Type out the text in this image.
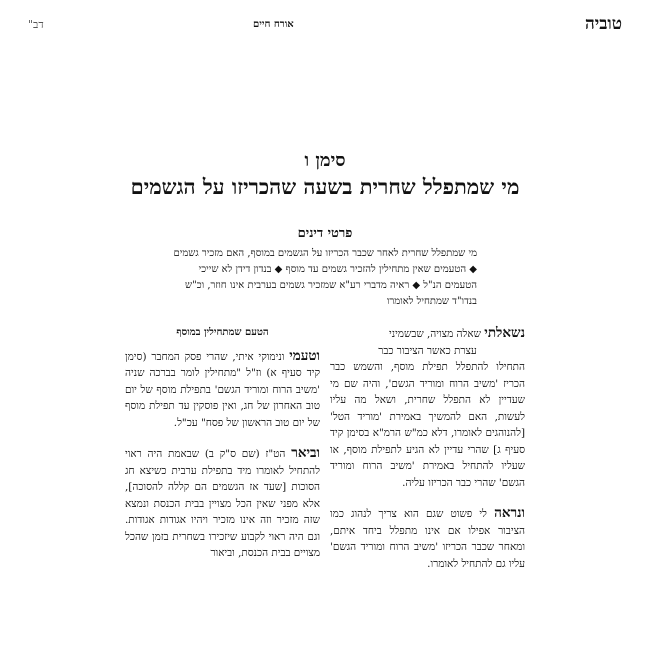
טוביה
אורח חיים
דב"
סימן ו
מי שמתפלל שחרית בשעה שהכריזו על הגשמים
פרטי דינים
מי שמתפלל שחרית לאחר שכבר הכריזו על הגשמים במוסף, האם מזכיר גשמים ◆ הטעמים שאין מתחילין להזכיר גשמים עד מוסף ◆ בנדון דידן לא שייכי הטעמים הנ"ל ◆ ראיה מדברי רע"א שמזכיר גשמים בערבית אינו חוזר, וכ"ש בנדו"ד שמתחיל לאומרו
נשאלתי שאלה מצויה, שבשמיני
עצרת כאשר הציבור כבר
התחילו להתפלל תפילת מוסף, והשמש כבר הכריז 'משיב הרוח ומוריד הגשם', והיה שם מי שעדיין לא התפלל שחרית, ושאל מה עליו לעשות, האם להמשיך באמירת 'מוריד הטל' [להנוהגים לאומרו, דלא כמ"ש הרמ"א בסימן קיד סעיף ג] שהרי עדיין לא הגיע לתפילת מוסף, או שעליו להתחיל באמירת 'משיב הרוח ומוריד הגשם' שהרי כבר הכריזו עליה.
ונראה לי פשוט שגם הוא צריך לנהוג כמו הציבור אפילו אם אינו מתפלל ביחד איתם, ומאחר שכבר הכריזו 'משיב הרוח ומוריד הגשם' עליו גם להתחיל לאומרו.
הטעם שמתחילין במוסף
וטעמי ונימוקי איתי, שהרי פסק המחבר (סימן קיד סעיף א) וז"ל "מתחילין לומר בברכה שניה 'משיב הרוח ומוריד הגשם' בתפילת מוסף של יום טוב האחרון של חג, ואין פוסקין עד תפילת מוסף של יום טוב הראשון של פסח" עכ"ל.
וביאר הט"ז (שם ס"ק ב) שבאמת היה ראוי להתחיל לאומרו מיד בתפילת ערבית כשיצא חג הסוכות [שעד אז הגשמים הם קללה להסוכה], אלא מפני שאין הכל מצויין בבית הכנסת ונמצא שזה מזכיר וזה אינו מזכיר ויהיו אגודות אגודות. וגם היה ראוי לקבוע שיזכירו בשחרית בזמן שהכל מצויים בבית הכנסת, וביאור
